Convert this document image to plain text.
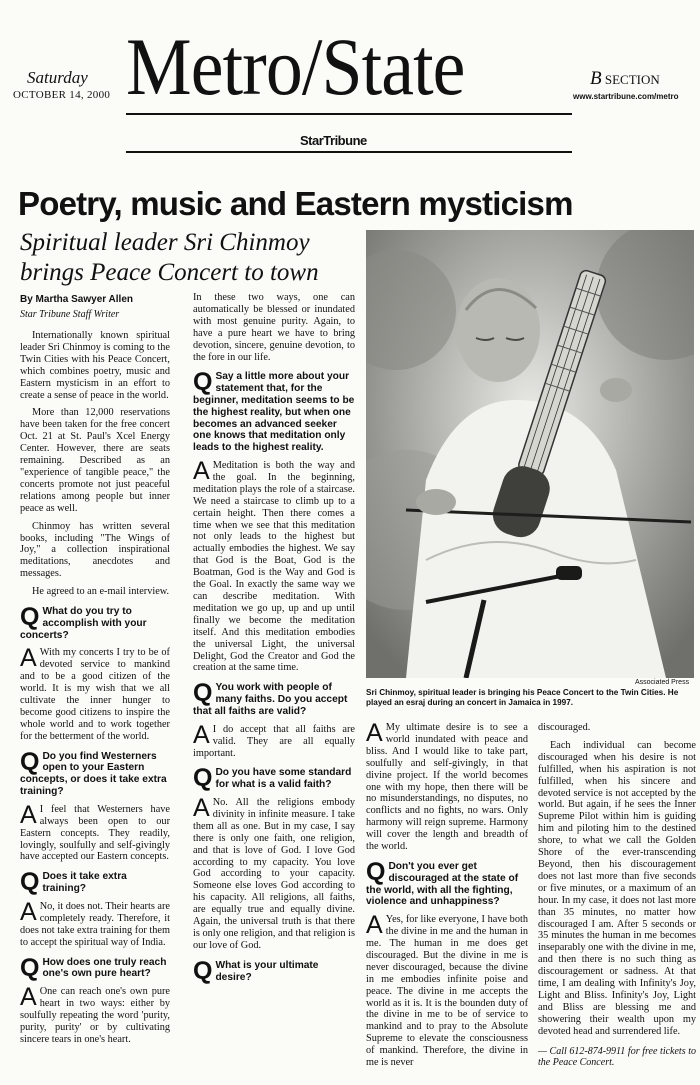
Saturday
OCTOBER 14, 2000 Metro/State	B SECTION
www.startribune.com/metro
StarTribune
Poetry, music and Eastern mysticism
Spiritual leader Sri Chinmoy brings Peace Concert to town
By Martha Sawyer Allen
Star Tribune Staff Writer

Internationally known spiritual leader Sri Chinmoy is coming to the Twin Cities with his Peace Concert, which combines poetry, music and Eastern mysticism in an effort to create a sense of peace in the world.

More than 12,000 reservations have been taken for the free concert Oct. 21 at St. Paul's Xcel Energy Center. However, there are seats remaining. Described as an "experience of tangible peace," the concerts promote not just peaceful relations among people but inner peace as well.

Chinmoy has written several books, including "The Wings of Joy," a collection inspirational meditations, anecdotes and messages.

He agreed to an e-mail interview.

Q What do you try to accomplish with your concerts?
A With my concerts I try to be of devoted service to mankind and to be a good citizen of the world. It is my wish that we all cultivate the inner hunger to become good citizens to inspire the whole world and to work together for the betterment of the world.
Q Do you find Westerners open to your Eastern concepts, or does it take extra training?
A I feel that Westerners have always been open to our Eastern concepts. They readily, lovingly, soulfully and self-givingly have accepted our Eastern concepts.
Q Does it take extra training?
A No, it does not. Their hearts are completely ready. Therefore, it does not take extra training for them to accept the spiritual way of India.
Q How does one truly reach one's own pure heart?
A One can reach one's own pure heart in two ways: either by soulfully repeating the word 'purity, purity, purity' or by cultivating sincere tears in one's heart.

In these two ways, one can automatically be blessed or inundated with most genuine purity. Again, to have a pure heart we have to bring devotion, sincere, genuine devotion, to the fore in our life.

Q Say a little more about your statement that, for the beginner, meditation seems to be the highest reality, but when one becomes an advanced seeker one knows that meditation only leads to the highest reality.
A Meditation is both the way and the goal. In the beginning, meditation plays the role of a staircase. We need a staircase to climb up to a certain height. Then there comes a time when we see that this meditation not only leads to the highest but actually embodies the highest. We say that God is the Boat, God is the Boatman, God is the Way and God is the Goal. In exactly the same way we can describe meditation. With meditation we go up, up and up until finally we become the meditation itself. And this meditation embodies the universal Light, the universal Delight, God the Creator and God the creation at the same time.
Q You work with people of many faiths. Do you accept that all faiths are valid?
A I do accept that all faiths are valid. They are all equally important.
Q Do you have some standard for what is a valid faith?
A No. All the religions embody divinity in infinite measure. I take them all as one. But in my case, I say there is only one faith, one religion, and that is love of God. I love God according to my capacity. You love God according to your capacity. Someone else loves God according to his capacity. All religions, all faiths, are equally true and equally divine. Again, the universal truth is that there is only one religion, and that religion is our love of God.
Q What is your ultimate desire?
Associated Press
Sri Chinmoy, spiritual leader is bringing his Peace Concert to the Twin Cities. He played an esraj during an concert in Jamaica in 1997.
A My ultimate desire is to see a world inundated with peace and bliss. And I would like to take part, soulfully and self-givingly, in that divine project. If the world becomes one with my hope, then there will be no misunderstandings, no disputes, no conflicts and no fights, no wars. Only harmony will reign supreme. Harmony will cover the length and breadth of the world.
Q Don't you ever get discouraged at the state of the world, with all the fighting, violence and unhappiness?
A Yes, for like everyone, I have both the divine in me and the human in me. The human in me does get discouraged. But the divine in me is never discouraged, because the divine in me embodies infinite poise and peace. The divine in me accepts the world as it is. It is the bounden duty of the divine in me to be of service to mankind and to pray to the Absolute Supreme to elevate the consciousness of mankind. Therefore, the divine in me is never

discouraged.

Each individual can become discouraged when his desire is not fulfilled, when his aspiration is not fulfilled, when his sincere and devoted service is not accepted by the world. But again, if he sees the Inner Supreme Pilot within him is guiding him and piloting him to the destined shore, to what we call the Golden Shore of the ever-transcending Beyond, then his discouragement does not last more than five seconds or five minutes, or a maximum of an hour. In my case, it does not last more than 35 minutes, no matter how discouraged I am. After 5 seconds or 35 minutes the human in me becomes inseparably one with the divine in me, and then there is no such thing as discouragement or sadness. At that time, I am dealing with Infinity's Joy, Light and Bliss. Infinity's Joy, Light and Bliss are blessing me and showering their wealth upon my devoted head and surrendered life.

— Call 612-874-9911 for free tickets to the Peace Concert.
